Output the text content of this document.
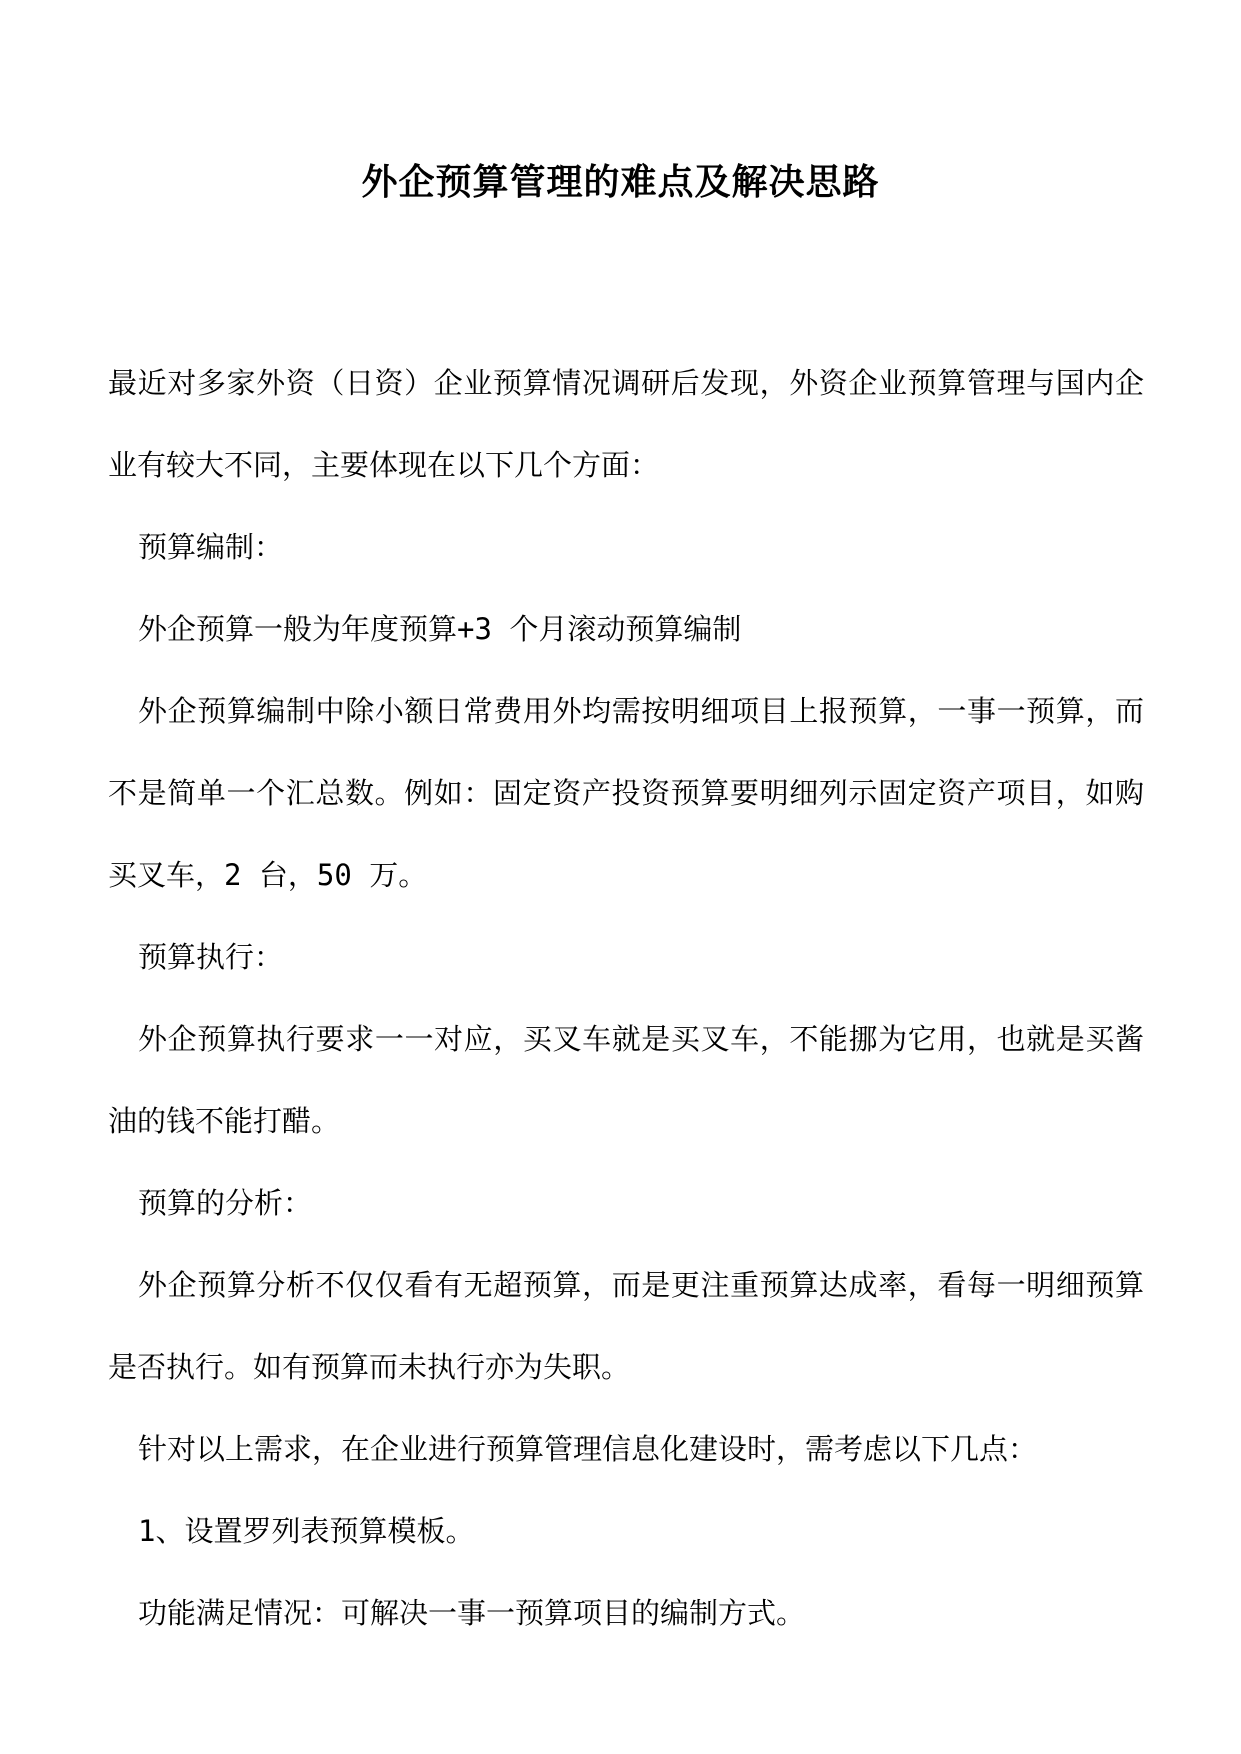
外企预算管理的难点及解决思路

最近对多家外资（日资）企业预算情况调研后发现，外资企业预算管理与国内企业有较大不同，主要体现在以下几个方面：

预算编制：

外企预算一般为年度预算+3 个月滚动预算编制

外企预算编制中除小额日常费用外均需按明细项目上报预算，一事一预算，而不是简单一个汇总数。例如：固定资产投资预算要明细列示固定资产项目，如购买叉车，2 台，50 万。

预算执行：

外企预算执行要求一一对应，买叉车就是买叉车，不能挪为它用，也就是买酱油的钱不能打醋。

预算的分析：

外企预算分析不仅仅看有无超预算，而是更注重预算达成率，看每一明细预算是否执行。如有预算而未执行亦为失职。

针对以上需求，在企业进行预算管理信息化建设时，需考虑以下几点：

1、设置罗列表预算模板。

功能满足情况：可解决一事一预算项目的编制方式。
